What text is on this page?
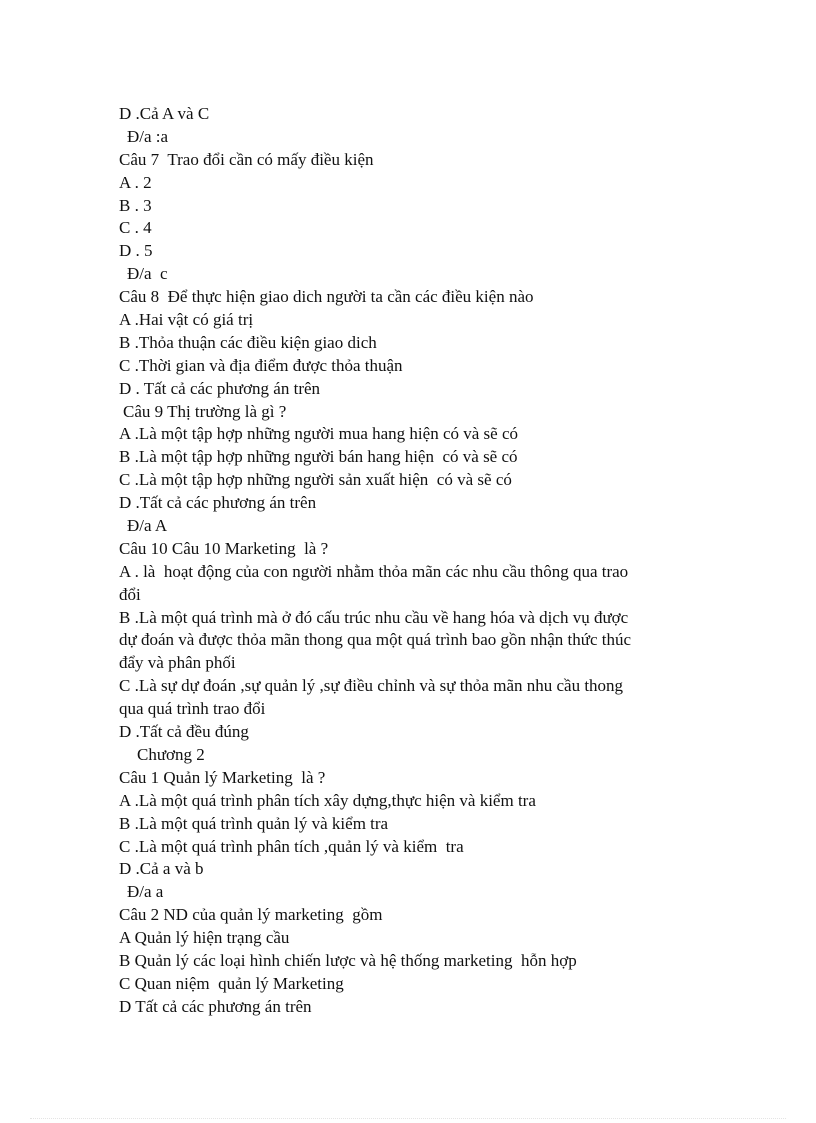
D .Cả A và C
Đ/a :a
Câu 7  Trao đổi cần có mấy điều kiện
A . 2
B . 3
C . 4
D . 5
Đ/a  c
Câu 8  Để thực hiện giao dich người ta cần các điều kiện nào
A .Hai vật có giá trị
B .Thỏa thuận các điều kiện giao dich
C .Thời gian và địa điểm được thỏa thuận
D . Tất cả các phương án trên
Câu 9 Thị trường là gì ?
A .Là một tập hợp những người mua hang hiện có và sẽ có
B .Là một tập hợp những người bán hang hiện  có và sẽ có
C .Là một tập hợp những người sản xuất hiện  có và sẽ có
D .Tất cả các phương án trên
Đ/a A
Câu 10 Câu 10 Marketing  là ?
A . là  hoạt động của con người nhằm thỏa mãn các nhu cầu thông qua trao
đổi
B .Là một quá trình mà ở đó cấu trúc nhu cầu về hang hóa và dịch vụ được
dự đoán và được thỏa mãn thong qua một quá trình bao gồn nhận thức thúc
đẩy và phân phối
C .Là sự dự đoán ,sự quản lý ,sự điều chỉnh và sự thỏa mãn nhu cầu thong
qua quá trình trao đổi
D .Tất cả đều đúng
Chương 2
Câu 1 Quản lý Marketing  là ?
A .Là một quá trình phân tích xây dựng,thực hiện và kiểm tra
B .Là một quá trình quản lý và kiểm tra
C .Là một quá trình phân tích ,quản lý và kiểm  tra
D .Cả a và b
Đ/a a
Câu 2 ND của quản lý marketing  gồm
A Quản lý hiện trạng cầu
B Quản lý các loại hình chiến lược và hệ thống marketing  hỗn hợp
C Quan niệm  quản lý Marketing
D Tất cả các phương án trên
